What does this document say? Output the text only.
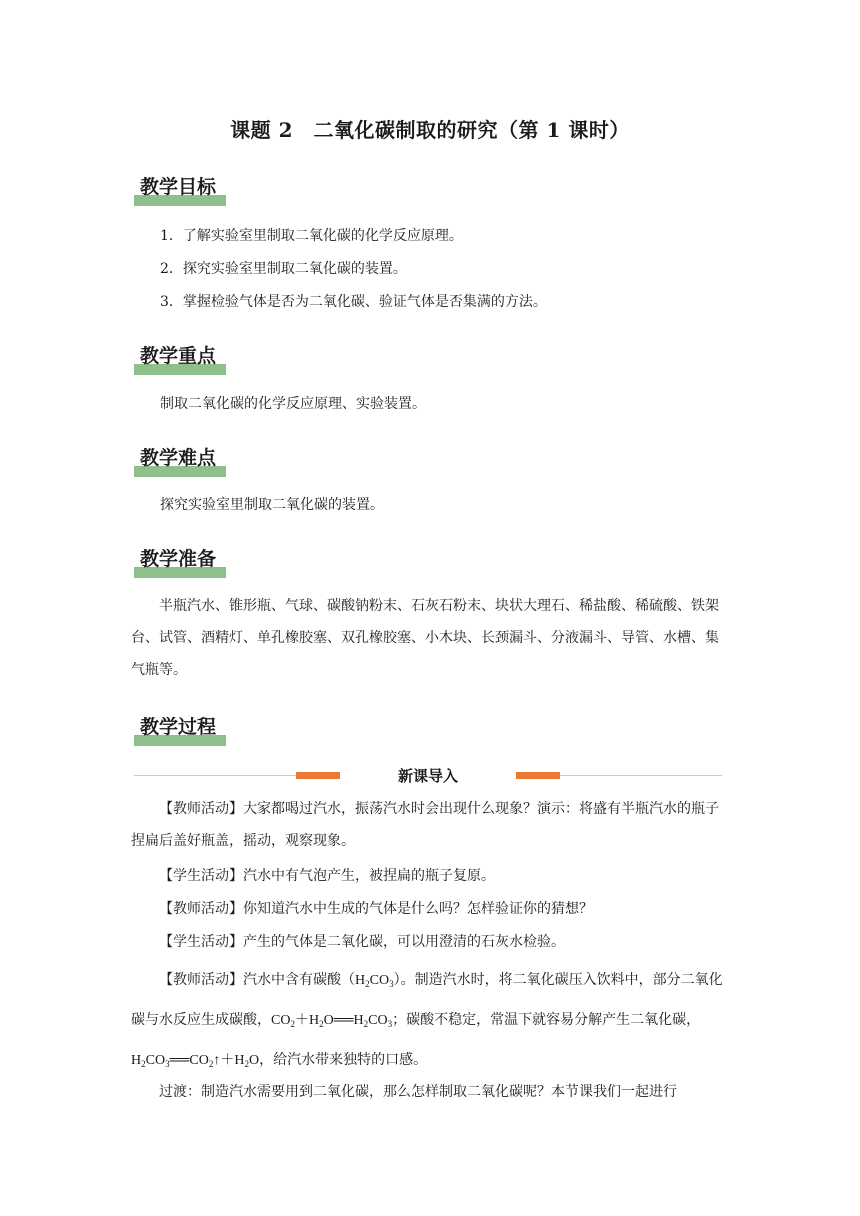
课题 2　二氧化碳制取的研究（第 1 课时）
教学目标
1．了解实验室里制取二氧化碳的化学反应原理。
2．探究实验室里制取二氧化碳的装置。
3．掌握检验气体是否为二氧化碳、验证气体是否集满的方法。
教学重点
制取二氧化碳的化学反应原理、实验装置。
教学难点
探究实验室里制取二氧化碳的装置。
教学准备
半瓶汽水、锥形瓶、气球、碳酸钠粉末、石灰石粉末、块状大理石、稀盐酸、稀硫酸、铁架台、试管、酒精灯、单孔橡胶塞、双孔橡胶塞、小木块、长颈漏斗、分液漏斗、导管、水槽、集气瓶等。
教学过程
新课导入
【教师活动】大家都喝过汽水，振荡汽水时会出现什么现象？演示：将盛有半瓶汽水的瓶子捏扁后盖好瓶盖，摇动，观察现象。
【学生活动】汽水中有气泡产生，被捏扁的瓶子复原。
【教师活动】你知道汽水中生成的气体是什么吗？怎样验证你的猜想？
【学生活动】产生的气体是二氧化碳，可以用澄清的石灰水检验。
【教师活动】汽水中含有碳酸$(H_2CO_3)$。制造汽水时，将二氧化碳压入饮料中，部分二氧化碳与水反应生成碳酸，$CO_2+H_2O══H_2CO_3$；碳酸不稳定，常温下就容易分解产生二氧化碳，$H_2CO_3══CO_2↑+H_2O$，给汽水带来独特的口感。
过渡：制造汽水需要用到二氧化碳，那么怎样制取二氧化碳呢？本节课我们一起进行
